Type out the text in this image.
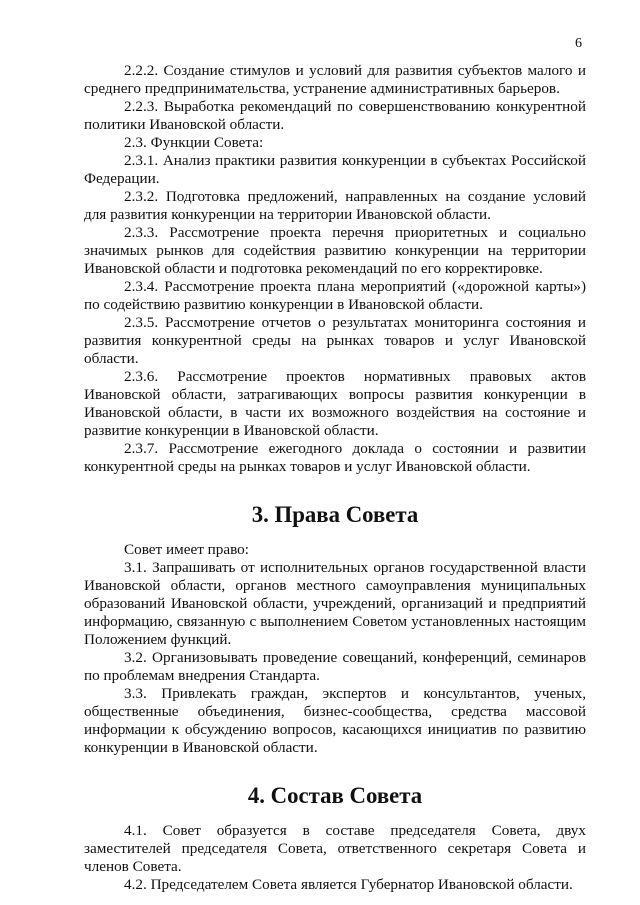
6

2.2.2. Создание стимулов и условий для развития субъектов малого и среднего предпринимательства, устранение административных барьеров.

2.2.3. Выработка рекомендаций по совершенствованию конкурентной политики Ивановской области.

2.3. Функции Совета:

2.3.1. Анализ практики развития конкуренции в субъектах Российской Федерации.

2.3.2. Подготовка предложений, направленных на создание условий для развития конкуренции на территории Ивановской области.

2.3.3. Рассмотрение проекта перечня приоритетных и социально значимых рынков для содействия развитию конкуренции на территории Ивановской области и подготовка рекомендаций по его корректировке.

2.3.4. Рассмотрение проекта плана мероприятий («дорожной карты») по содействию развитию конкуренции в Ивановской области.

2.3.5. Рассмотрение отчетов о результатах мониторинга состояния и развития конкурентной среды на рынках товаров и услуг Ивановской области.

2.3.6. Рассмотрение проектов нормативных правовых актов Ивановской области, затрагивающих вопросы развития конкуренции в Ивановской области, в части их возможного воздействия на состояние и развитие конкуренции в Ивановской области.

2.3.7. Рассмотрение ежегодного доклада о состоянии и развитии конкурентной среды на рынках товаров и услуг Ивановской области.

3. Права Совета

Совет имеет право:

3.1. Запрашивать от исполнительных органов государственной власти Ивановской области, органов местного самоуправления муниципальных образований Ивановской области, учреждений, организаций и предприятий информацию, связанную с выполнением Советом установленных настоящим Положением функций.

3.2. Организовывать проведение совещаний, конференций, семинаров по проблемам внедрения Стандарта.

3.3. Привлекать граждан, экспертов и консультантов, ученых, общественные объединения, бизнес-сообщества, средства массовой информации к обсуждению вопросов, касающихся инициатив по развитию конкуренции в Ивановской области.

4. Состав Совета

4.1. Совет образуется в составе председателя Совета, двух заместителей председателя Совета, ответственного секретаря Совета и членов Совета.

4.2. Председателем Совета является Губернатор Ивановской области.
